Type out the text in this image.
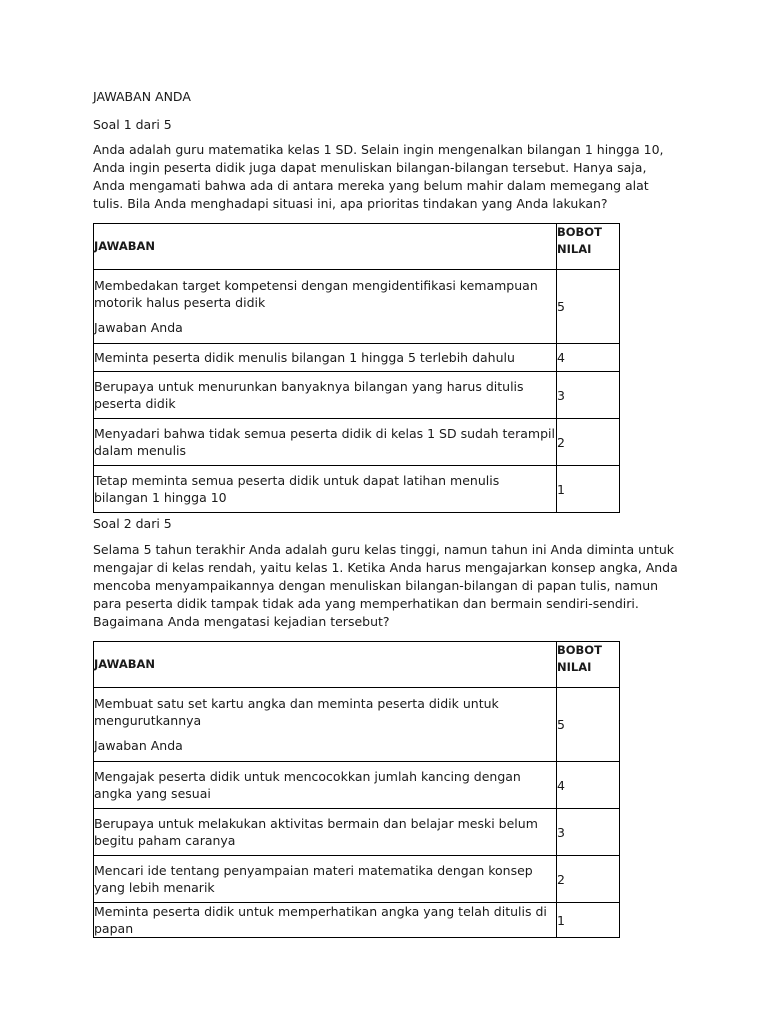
JAWABAN ANDA
Soal 1 dari 5
Anda adalah guru matematika kelas 1 SD. Selain ingin mengenalkan bilangan 1 hingga 10, Anda ingin peserta didik juga dapat menuliskan bilangan-bilangan tersebut. Hanya saja, Anda mengamati bahwa ada di antara mereka yang belum mahir dalam memegang alat tulis. Bila Anda menghadapi situasi ini, apa prioritas tindakan yang Anda lakukan?
JAWABAN	BOBOT
NILAI

Membedakan target kompetensi dengan mengidentifikasi kemampuan motorik halus peserta didik
Jawaban Anda	5

Meminta peserta didik menulis bilangan 1 hingga 5 terlebih dahulu	4

Berupaya untuk menurunkan banyaknya bilangan yang harus ditulis peserta didik	3

Menyadari bahwa tidak semua peserta didik di kelas 1 SD sudah terampil dalam menulis	2

Tetap meminta semua peserta didik untuk dapat latihan menulis bilangan 1 hingga 10	1
Soal 2 dari 5
Selama 5 tahun terakhir Anda adalah guru kelas tinggi, namun tahun ini Anda diminta untuk mengajar di kelas rendah, yaitu kelas 1. Ketika Anda harus mengajarkan konsep angka, Anda mencoba menyampaikannya dengan menuliskan bilangan-bilangan di papan tulis, namun para peserta didik tampak tidak ada yang memperhatikan dan bermain sendiri-sendiri. Bagaimana Anda mengatasi kejadian tersebut?
JAWABAN	BOBOT
NILAI

Membuat satu set kartu angka dan meminta peserta didik untuk mengurutkannya
Jawaban Anda	5

Mengajak peserta didik untuk mencocokkan jumlah kancing dengan angka yang sesuai	4

Berupaya untuk melakukan aktivitas bermain dan belajar meski belum begitu paham caranya	3

Mencari ide tentang penyampaian materi matematika dengan konsep yang lebih menarik	2

Meminta peserta didik untuk memperhatikan angka yang telah ditulis di papan	1
